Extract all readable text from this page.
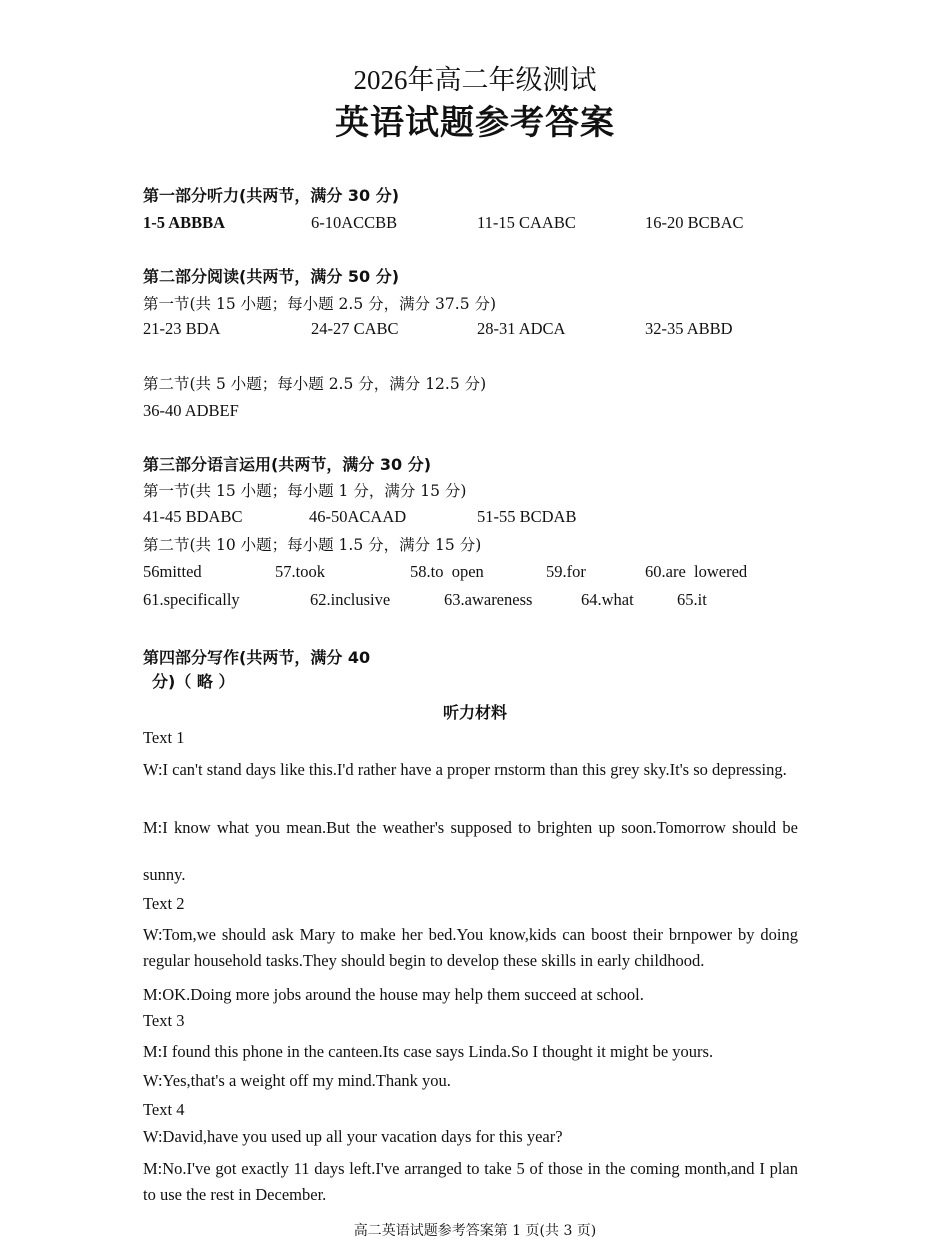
2026年高二年级测试
英语试题参考答案
第一部分听力(共两节，满分 30 分)
1-5 ABBBA	6-10ACCBB	11-15 CAABC	16-20 BCBAC
第二部分阅读(共两节，满分 50 分)
第一节(共 15 小题；每小题 2.5 分，满分 37.5 分)
21-23 BDA	24-27 CABC	28-31 ADCA	32-35 ABBD
第二节(共 5 小题；每小题 2.5 分，满分 12.5 分)
36-40 ADBEF
第三部分语言运用(共两节，满分 30 分)
第一节(共 15 小题；每小题 1 分，满分 15 分)
41-45 BDABC	46-50ACAAD	51-55 BCDAB
第二节(共 10 小题；每小题 1.5 分，满分 15 分)
56mitted	57.took	58.to  open	59.for	60.are  lowered
61.specifically	62.inclusive	63.awareness	64.what	65.it
第四部分写作(共两节，满分 40
分)（ 略 ）
听力材料
Text 1
W:I can't stand days like this.I'd rather have a proper rnstorm than this grey sky.It's so depressing.
M:I know what you mean.But the weather's supposed to brighten up soon.Tomorrow should be
sunny.
Text 2
W:Tom,we should ask Mary to make her bed.You know,kids can boost their brnpower by doing regular household tasks.They should begin to develop these skills in early childhood.
M:OK.Doing more jobs around the house may help them succeed at school.
Text 3
M:I found this phone in the canteen.Its case says Linda.So I thought it might be yours.
W:Yes,that's a weight off my mind.Thank you.
Text 4
W:David,have you used up all your vacation days for this year?
M:No.I've got exactly 11 days left.I've arranged to take 5 of those in the coming month,and I plan to use the rest in December.
高二英语试题参考答案第 1 页(共 3 页)
